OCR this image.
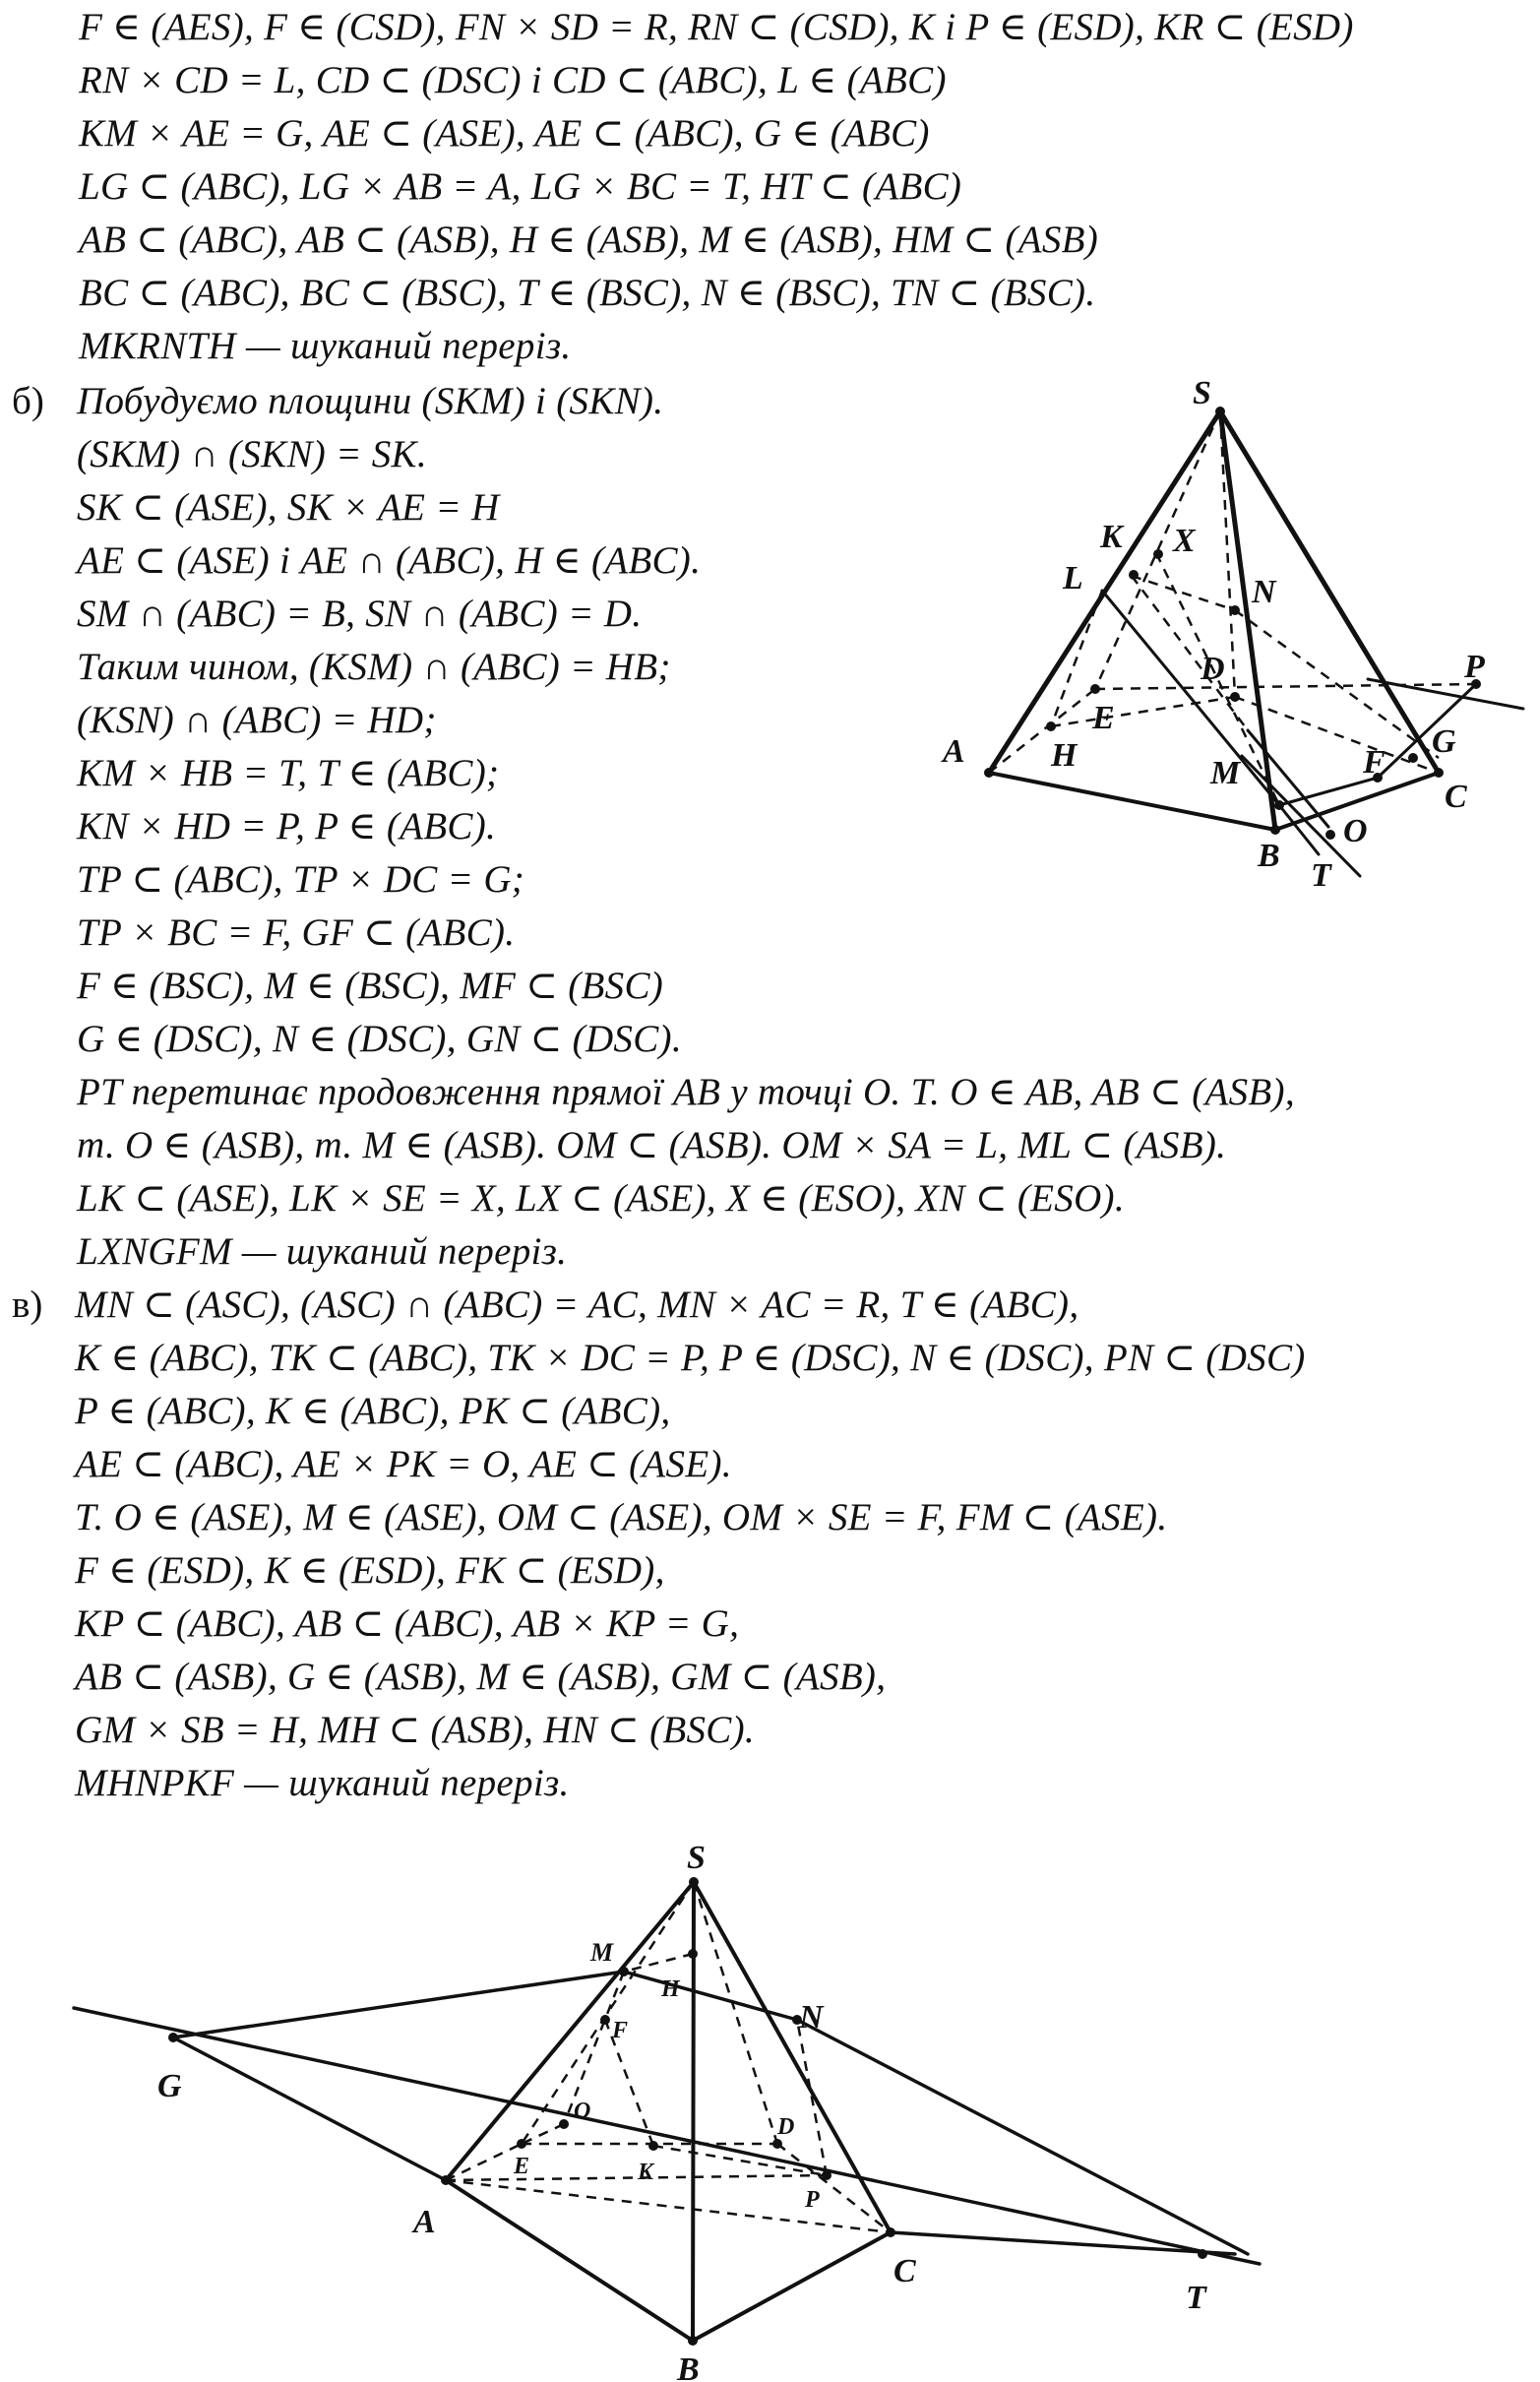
F ∈ (AES), F ∈ (CSD), FN × SD = R, RN ⊂ (CSD), K і P ∈ (ESD), KR ⊂ (ESD)
RN × CD = L, CD ⊂ (DSC) і CD ⊂ (ABC), L ∈ (ABC)
KM × AE = G, AE ⊂ (ASE), AE ⊂ (ABC), G ∈ (ABC)
LG ⊂ (ABC), LG × AB = A, LG × BC = T, HT ⊂ (ABC)
AB ⊂ (ABC), AB ⊂ (ASB), H ∈ (ASB), M ∈ (ASB), HM ⊂ (ASB)
BC ⊂ (ABC), BC ⊂ (BSC), T ∈ (BSC), N ∈ (BSC), TN ⊂ (BSC).
MKRNTH — шуканий переріз.
б) Побудуємо площини (SKM) і (SKN).
(SKM) ∩ (SKN) = SK.
SK ⊂ (ASE), SK × AE = H
AE ⊂ (ASE) і AE ∩ (ABC), H ∈ (ABC).
SM ∩ (ABC) = B, SN ∩ (ABC) = D.
Таким чином, (KSM) ∩ (ABC) = HB;
(KSN) ∩ (ABC) = HD;
KM × HB = T, T ∈ (ABC);
KN × HD = P, P ∈ (ABC).
TP ⊂ (ABC), TP × DC = G;
TP × BC = F, GF ⊂ (ABC).
F ∈ (BSC), M ∈ (BSC), MF ⊂ (BSC)
G ∈ (DSC), N ∈ (DSC), GN ⊂ (DSC).
PT перетинає продовження прямої AB у точці O. Т. O ∈ AB, AB ⊂ (ASB),
т. O ∈ (ASB), т. M ∈ (ASB). OM ⊂ (ASB). OM × SA = L, ML ⊂ (ASB).
LK ⊂ (ASE), LK × SE = X, LX ⊂ (ASE), X ∈ (ESO), XN ⊂ (ESO).
LXNGFM — шуканий переріз.
в) MN ⊂ (ASC), (ASC) ∩ (ABC) = AC, MN × AC = R, T ∈ (ABC),
K ∈ (ABC), TK ⊂ (ABC), TK × DC = P, P ∈ (DSC), N ∈ (DSC), PN ⊂ (DSC)
P ∈ (ABC), K ∈ (ABC), PK ⊂ (ABC),
AE ⊂ (ABC), AE × PK = O, AE ⊂ (ASE).
Т. O ∈ (ASE), M ∈ (ASE), OM ⊂ (ASE), OM × SE = F, FM ⊂ (ASE).
F ∈ (ESD), K ∈ (ESD), FK ⊂ (ESD),
KP ⊂ (ABC), AB ⊂ (ABC), AB × KP = G,
AB ⊂ (ASB), G ∈ (ASB), M ∈ (ASB), GM ⊂ (ASB),
GM × SB = H, MH ⊂ (ASB), HN ⊂ (BSC).
MHNPKF — шуканий переріз.
S
K X
L	N
D	P
E
A	H	M	F
G
C
B
O
T
S
M
H
N
F
G
O
D
E	K
P
A
C
T
B
